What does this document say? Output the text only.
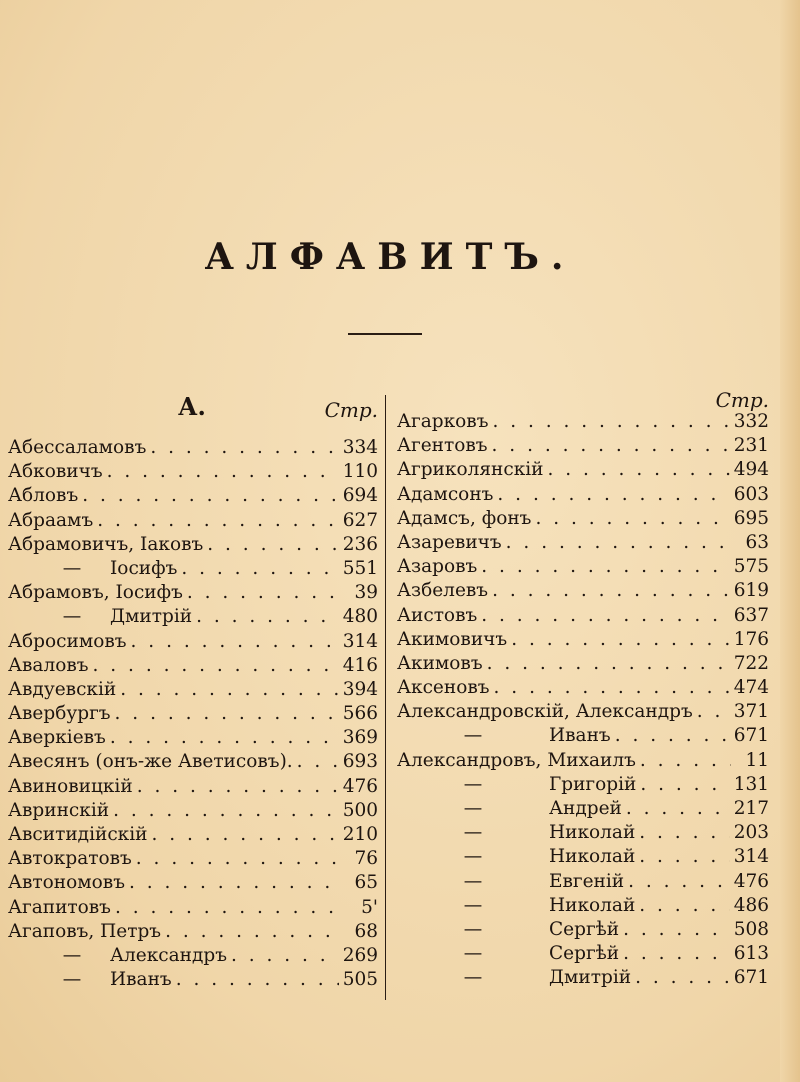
АЛФАВИТЪ.
А.	Стр.
Абессаламовъ . . .	334
Абковичъ . . .	110
Абловъ . . .	694
Абраамъ . . .	627
Абрамовичъ, Іаковъ . . .	236
—	Іосифъ . . .	551
Абрамовъ, Іосифъ . . .	39
—	Дмитрій . . .	480
Абросимовъ . . .	314
Аваловъ . . .	416
Авдуевскій . . .	394
Авербургъ . . .	566
Аверкіевъ . . .	369
Авесянъ (онъ-же Аветисовъ). . . .	693
Авиновицкій . . .	476
Авринскій . . .	500
Авситидійскій . . .	210
Автократовъ . . .	76
Автономовъ . . .	65
Агапитовъ . . .	5'
Агаповъ, Петръ . . .	68
—	Александръ . . .	269
—	Иванъ . . .	505
Стр.
Агарковъ . . .	332
Агентовъ . . .	231
Агриколянскій . . .	494
Адамсонъ . . .	603
Адамсъ, фонъ . . .	695
Азаревичъ . . .	63
Азаровъ . . .	575
Азбелевъ . . .	619
Аистовъ . . .	637
Акимовичъ . . .	176
Акимовъ . . .	722
Аксеновъ . . .	474
Александровскій, Александръ . . . 371
—	Иванъ . . .	671
Александровъ, Михаилъ . . .	11
—	Григорій . . .	131
—	Андрей . . .	217
—	Николай . . .	203
—	Николай . . .	314
—	Евгеній . . .	476
—	Николай . . .	486
—	Сергѣй . . .	508
—	Сергѣй . . .	613
—	Дмитрій . . .	671
